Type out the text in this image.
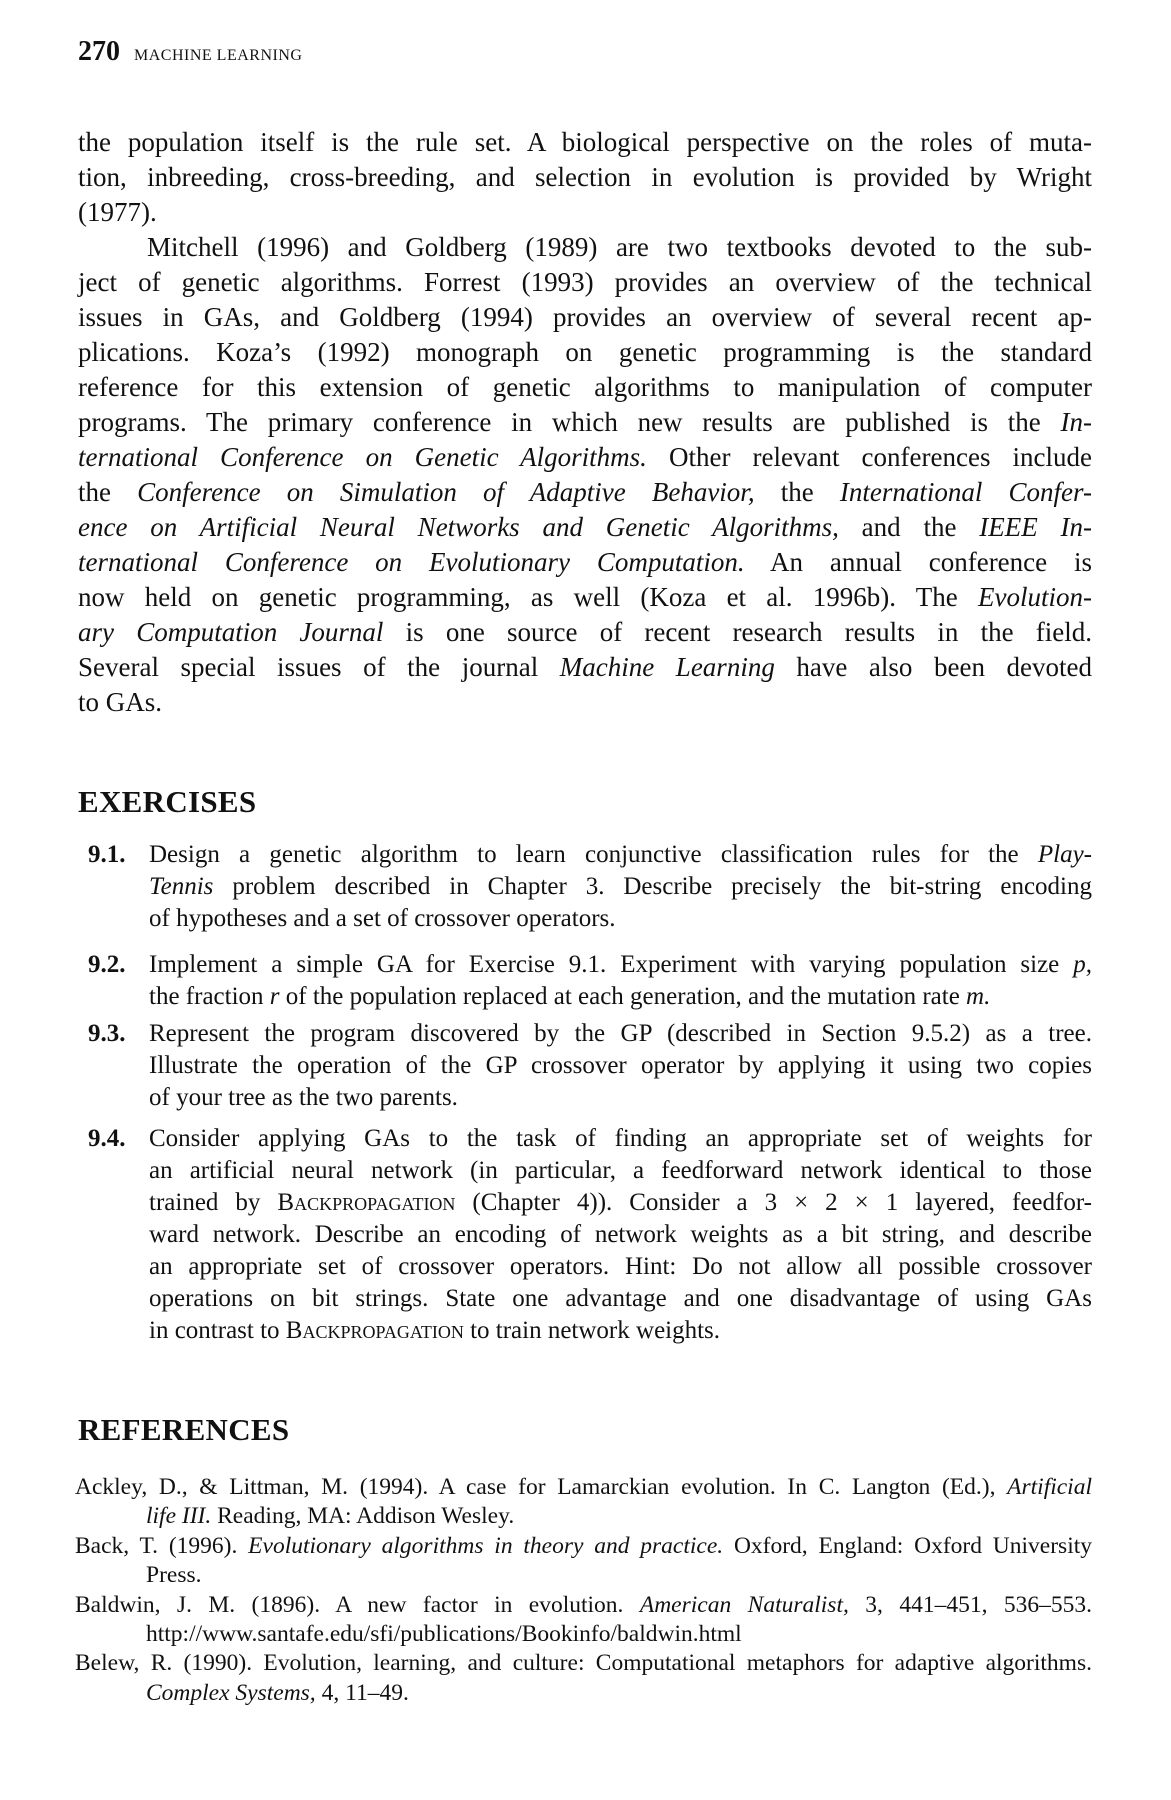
270 MACHINE LEARNING
the population itself is the rule set. A biological perspective on the roles of muta-
tion, inbreeding, cross-breeding, and selection in evolution is provided by Wright
(1977).
Mitchell (1996) and Goldberg (1989) are two textbooks devoted to the sub-
ject of genetic algorithms. Forrest (1993) provides an overview of the technical
issues in GAs, and Goldberg (1994) provides an overview of several recent ap-
plications. Koza’s (1992) monograph on genetic programming is the standard
reference for this extension of genetic algorithms to manipulation of computer
programs. The primary conference in which new results are published is the In-
ternational Conference on Genetic Algorithms. Other relevant conferences include
the Conference on Simulation of Adaptive Behavior, the International Confer-
ence on Artificial Neural Networks and Genetic Algorithms, and the IEEE In-
ternational Conference on Evolutionary Computation. An annual conference is
now held on genetic programming, as well (Koza et al. 1996b). The Evolution-
ary Computation Journal is one source of recent research results in the field.
Several special issues of the journal Machine Learning have also been devoted
to GAs.
EXERCISES
9.1. Design a genetic algorithm to learn conjunctive classification rules for the Play-
Tennis problem described in Chapter 3. Describe precisely the bit-string encoding
of hypotheses and a set of crossover operators.
9.2. Implement a simple GA for Exercise 9.1. Experiment with varying population size p,
the fraction r of the population replaced at each generation, and the mutation rate m.
9.3. Represent the program discovered by the GP (described in Section 9.5.2) as a tree.
Illustrate the operation of the GP crossover operator by applying it using two copies
of your tree as the two parents.
9.4. Consider applying GAs to the task of finding an appropriate set of weights for
an artificial neural network (in particular, a feedforward network identical to those
trained by Backpropagation (Chapter 4)). Consider a 3 × 2 × 1 layered, feedfor-
ward network. Describe an encoding of network weights as a bit string, and describe
an appropriate set of crossover operators. Hint: Do not allow all possible crossover
operations on bit strings. State one advantage and one disadvantage of using GAs
in contrast to Backpropagation to train network weights.
REFERENCES
Ackley, D., & Littman, M. (1994). A case for Lamarckian evolution. In C. Langton (Ed.), Artificial
life III. Reading, MA: Addison Wesley.
Back, T. (1996). Evolutionary algorithms in theory and practice. Oxford, England: Oxford University
Press.
Baldwin, J. M. (1896). A new factor in evolution. American Naturalist, 3, 441–451, 536–553.
http://www.santafe.edu/sfi/publications/Bookinfo/baldwin.html
Belew, R. (1990). Evolution, learning, and culture: Computational metaphors for adaptive algorithms.
Complex Systems, 4, 11–49.
